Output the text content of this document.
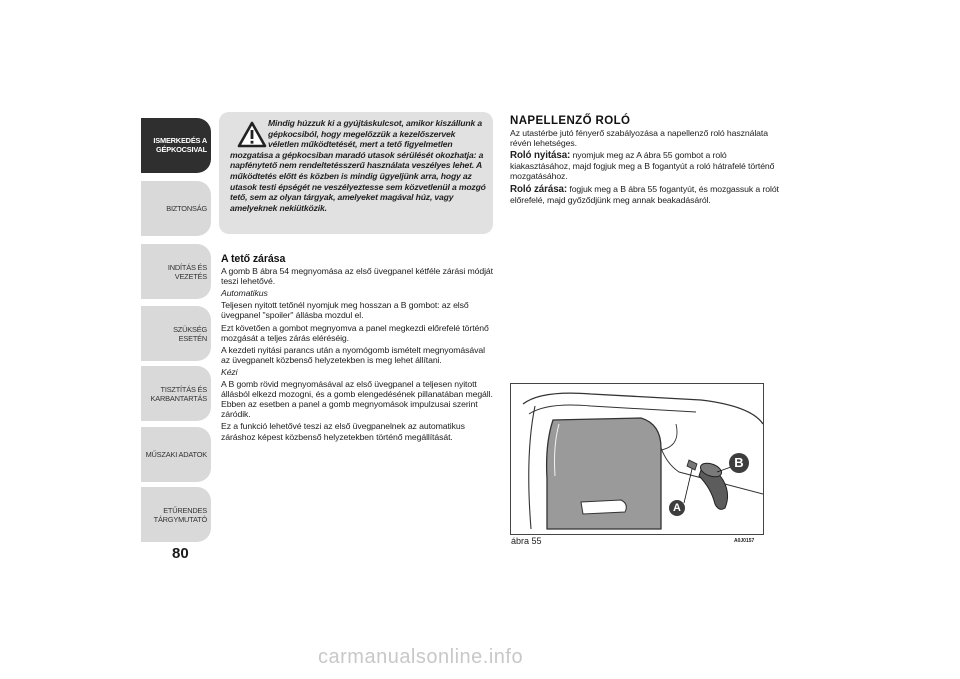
ISMERKEDÉS A
GÉPKOCSIVAL
BIZTONSÁG
INDÍTÁS ÉS VEZETÉS
SZÜKSÉG ESETÉN
TISZTÍTÁS ÉS
KARBANTARTÁS
MŰSZAKI ADATOK
ETŰRENDES
TÁRGYMUTATÓ
80
Mindig húzzuk ki a gyújtáskulcsot, amikor kiszállunk a gépkocsiból, hogy megelőzzük a kezelőszervek véletlen működtetését, mert a tető figyelmetlen
mozgatása a gépkocsiban maradó utasok sérülését okozhatja: a napfénytető nem rendeltetésszerű használata veszélyes lehet. A működtetés előtt és közben is mindig ügyeljünk arra, hogy az utasok testi épségét ne veszélyeztesse sem közvetlenül a mozgó tető, sem az olyan tárgyak, amelyeket magával húz, vagy amelyeknek nekiütközik.

A tető zárása

A gomb B ábra 54 megnyomása az első üvegpanel kétféle zárási módját teszi lehetővé.

Automatikus

Teljesen nyitott tetőnél nyomjuk meg hosszan a B gombot: az első üvegpanel "spoiler" állásba mozdul el.

Ezt követően a gombot megnyomva a panel megkezdi előrefelé történő mozgását a teljes zárás eléréséig.

A kezdeti nyitási parancs után a nyomógomb ismételt megnyomásával az üvegpanelt közbenső helyzetekben is meg lehet állítani.

Kézi

A B gomb rövid megnyomásával az első üvegpanel a teljesen nyitott állásból elkezd mozogni, és a gomb elengedésének pillanatában megáll. Ebben az esetben a panel a gomb megnyomások impulzusai szerint záródik.

Ez a funkció lehetővé teszi az első üvegpanelnek az automatikus záráshoz képest közbenső helyzetekben történő megállítását.

NAPELLENZŐ ROLÓ

Az utastérbe jutó fényerő szabályozása a napellenző roló használata révén lehetséges.

Roló nyitása: nyomjuk meg az A ábra 55 gombot a roló kiakasztásához, majd fogjuk meg a B fogantyút a roló hátrafelé történő mozgatásához.

Roló zárása: fogjuk meg a B ábra 55 fogantyút, és mozgassuk a rolót előrefelé, majd győződjünk meg annak beakadásáról.

A
B
ábra 55	A0J0157
carmanualsonline.info
